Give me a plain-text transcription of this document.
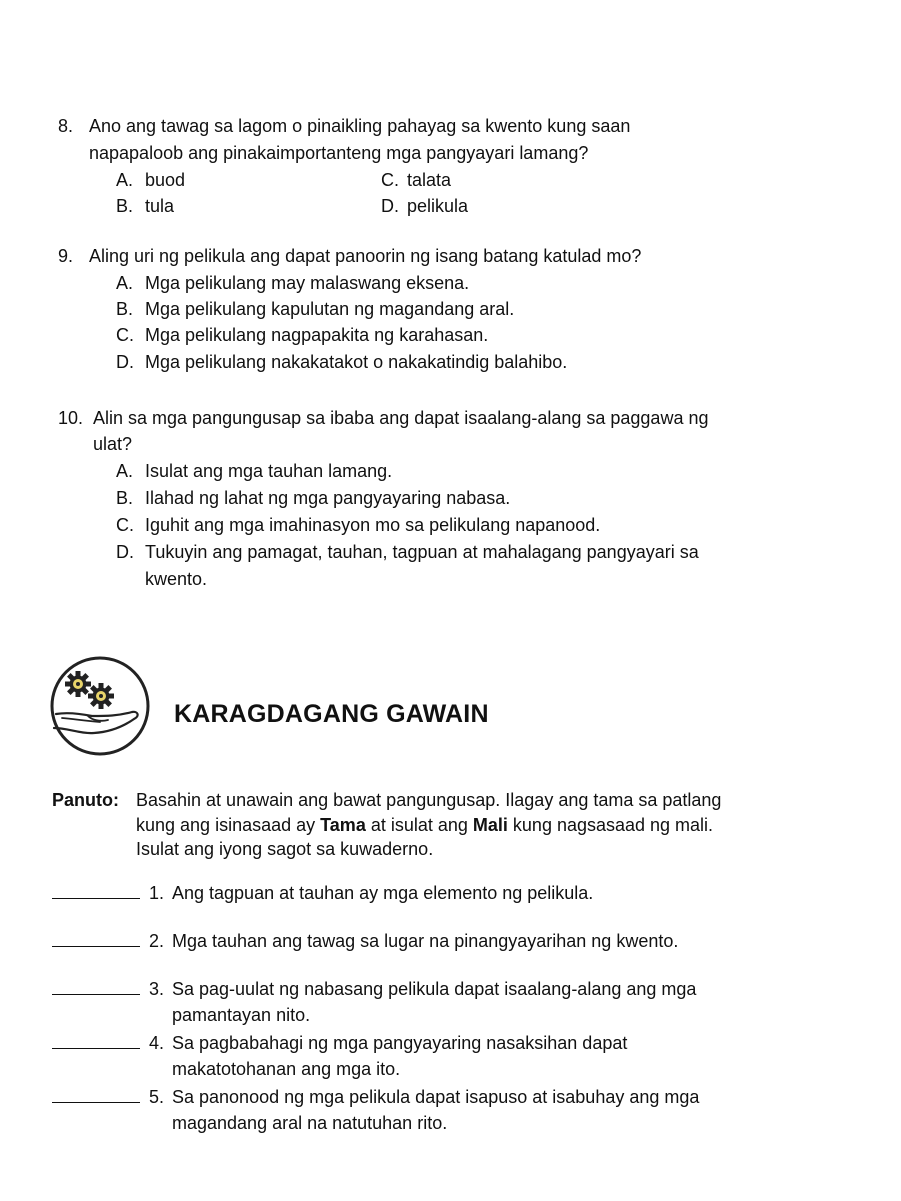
8. Ano ang tawag sa lagom o pinaikling pahayag sa kwento kung saan
napapaloob ang pinakaimportanteng mga pangyayari lamang?
A. buod	C. talata
B. tula	D. pelikula
9. Aling uri ng pelikula ang dapat panoorin ng isang batang katulad mo?
A. Mga pelikulang may malaswang eksena.
B. Mga pelikulang kapulutan ng magandang aral.
C. Mga pelikulang nagpapakita ng karahasan.
D. Mga pelikulang nakakatakot o nakakatindig balahibo.
10. Alin sa mga pangungusap sa ibaba ang dapat isaalang-alang sa paggawa ng
ulat?
A. Isulat ang mga tauhan lamang.
B. Ilahad ng lahat ng mga pangyayaring nabasa.
C. Iguhit ang mga imahinasyon mo sa pelikulang napanood.
D. Tukuyin ang pamagat, tauhan, tagpuan at mahalagang pangyayari sa
kwento.
KARAGDAGANG GAWAIN
Panuto: Basahin at unawain ang bawat pangungusap. Ilagay ang tama sa patlang
kung ang isinasaad ay Tama at isulat ang Mali kung nagsasaad ng mali.
Isulat ang iyong sagot sa kuwaderno.
1. Ang tagpuan at tauhan ay mga elemento ng pelikula.
2. Mga tauhan ang tawag sa lugar na pinangyayarihan ng kwento.
3. Sa pag-uulat ng nabasang pelikula dapat isaalang-alang ang mga
pamantayan nito.
4. Sa pagbabahagi ng mga pangyayaring nasaksihan dapat
makatotohanan ang mga ito.
5. Sa panonood ng mga pelikula dapat isapuso at isabuhay ang mga
magandang aral na natutuhan rito.
